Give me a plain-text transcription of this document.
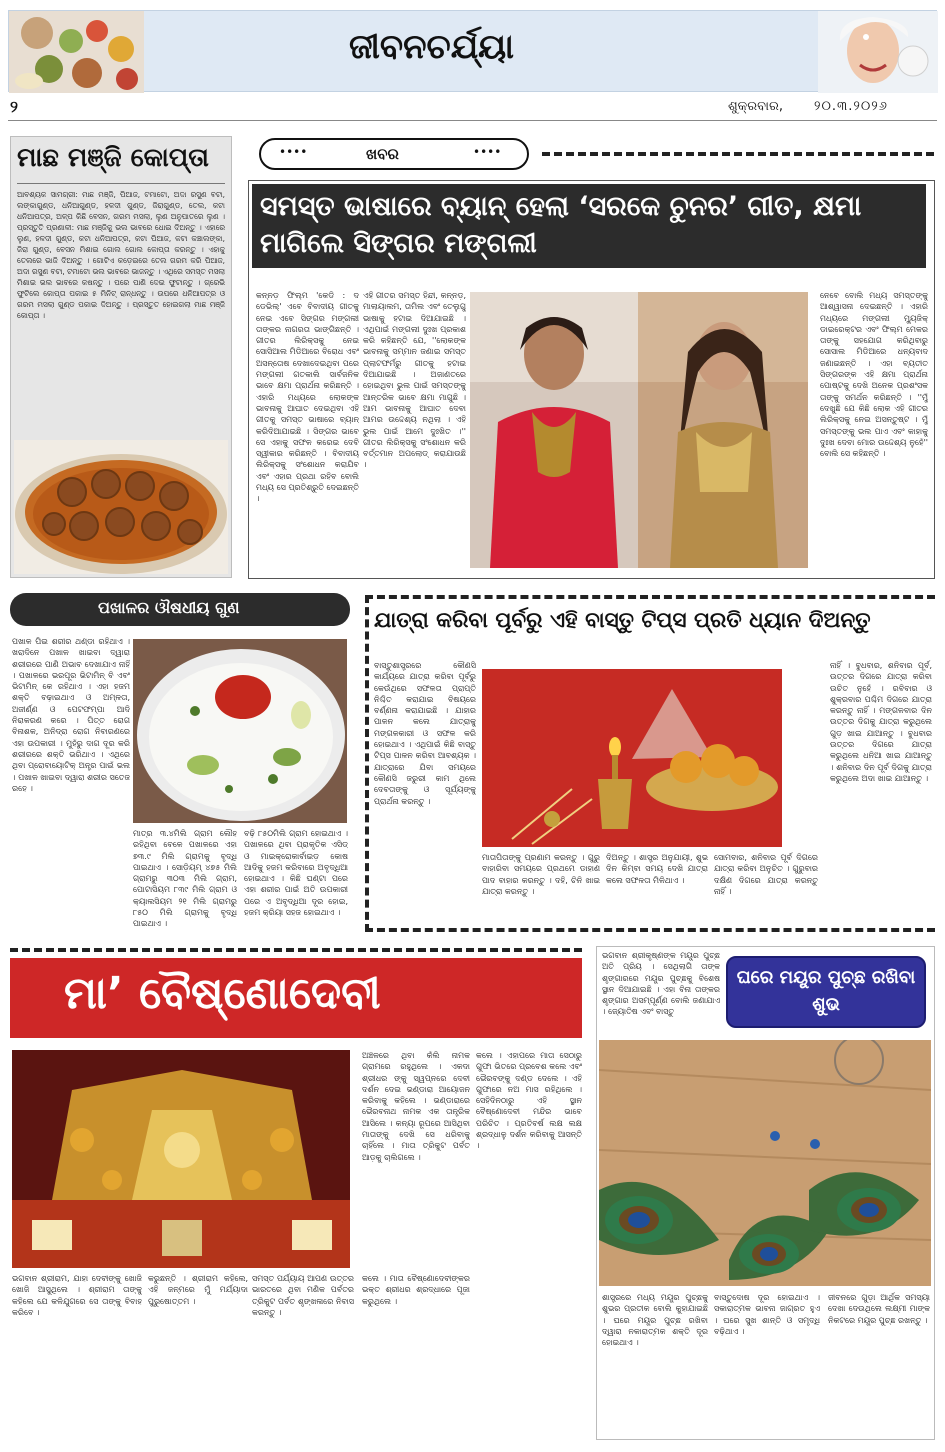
ଜୀବନଚର୍ଯ୍ୟା
୨	ଶୁକ୍ରବାର, ୨୦.୩.୨୦୨୬
ମାଛ ମଞ୍ଜି କୋପ୍ତା
ଆବଶ୍ୟକ ସାମଗ୍ରୀ: ମାଛ ମଞ୍ଜି, ପିଆଜ, ଟମାଟୋ, ଅଦା ରସୁଣ ବଟା, ଲଙ୍କାଗୁଣ୍ଡ, ଧନିଆଗୁଣ୍ଡ, ହଳଦୀ ଗୁଣ୍ଡ, ଜିରାଗୁଣ୍ଡ, ତେଲ, କଟା ଧନିଆପତ୍ର, ଅଳ୍ପ କିଛି ବେସନ, ଗରମ ମସଲା, ଲୁଣ ଅନୁପାତରେ ଲୁଣ । ପ୍ରସ୍ତୁତି ପ୍ରଣାଳୀ: ମାଛ ମଞ୍ଜିକୁ ଭଲ ଭାବରେ ଧୋଇ ଦିଅନ୍ତୁ । ଏହାରେ ଲୁଣ, ହଳଦୀ ଗୁଣ୍ଡ, କଟା ଧନିଆପତ୍ର, କଟା ପିଆଜ, କଟା କଞ୍ଚାଲଙ୍କା, ଜିରା ଗୁଣ୍ଡ, ବେସନ ମିଶାଇ ଗୋଲ ଗୋଲ କୋପ୍ତା କରନ୍ତୁ । ଏହାକୁ ତେଲରେ ଭାଜି ଦିଅନ୍ତୁ । ଗୋଟିଏ କଡ଼େଇରେ ତେଲ ଗରମ କରି ପିଆଜ, ଅଦା ରସୁଣ ବଟା, ଟମାଟୋ ଭଲ ଭାବରେ ଭାଜନ୍ତୁ । ଏଥିରେ ସମସ୍ତ ମସଲା ମିଶାଇ ଭଲ ଭାବରେ କଷନ୍ତୁ । ପରେ ପାଣି ଦେଇ ଫୁଟାନ୍ତୁ । ଗ୍ରେଭି ଫୁଟିଲେ କୋପ୍ତା ପକାଇ ୫ ମିନିଟ୍ ରାନ୍ଧନ୍ତୁ । ଉପରେ ଧନିଆପତ୍ର ଓ ଗରମ ମସଲା ଗୁଣ୍ଡ ପକାଇ ଦିଅନ୍ତୁ । ପ୍ରସ୍ତୁତ ହୋଇଗଲା ମାଛ ମଞ୍ଜି କୋପ୍ତା ।
••••	ଖବର	••••
ସମସ୍ତ ଭାଷାରେ ବ୍ୟାନ୍ ହେଲା ‘ସରକେ ଚୁନର’ ଗୀତ, କ୍ଷମା ମାଗିଲେ ସିଙ୍ଗର ମଙ୍ଗଲୀ
କନ୍ନଡ଼ ଫିଲ୍ମ 'କେଡି : ଦ ଡେଭିଲ୍' ଏବେ ବିବାଦୀୟ ଗୀତକୁ ନେଇ ଏବେ ସିଙ୍ଗର ମଙ୍ଗଲୀ ତାଙ୍କର ନାଗରତା ଭାଙ୍ଗିଛନ୍ତି । ଗୀତର ଲିରିକ୍ସକୁ ନେଇ ସୋସିଆଲ ମିଡିଆରେ ବିରୋଧ ଏବଂ ଅସନ୍ତୋଷ ଦେଖାଦେଇଥିବା ପରେ ମଙ୍ଗଲୀ ଗତକାଲି ସାର୍ବଜନିକ ଭାବେ କ୍ଷମା ପ୍ରାର୍ଥନା କରିଛନ୍ତି । ଏହାରି ମଧ୍ୟରେ ଲୋକଙ୍କ ଭାବନାକୁ ଆଘାତ ଦେଇଥିବା ଏହି ଗୀତକୁ ସମସ୍ତ ଭାଷାରେ ବ୍ୟାନ୍ କରିଦିଆଯାଇଛି । ସିଙ୍ଗର ଭାବେ ସେ ଏହାକୁ ସଫଳ କରେଇ ଦେବି ସ୍ୱୀକାର କରିଛନ୍ତି । ବିବାଦୀୟ ଲିରିକ୍ସକୁ ସଂଶୋଧନ କରାଯିବ ଏବଂ ଏହାର ପ୍ରଥା ରହିବ ବୋଲି ମଧ୍ୟ ସେ ପ୍ରତିଶ୍ରୁତି ଦେଇଛନ୍ତି ।
ଏହି ଗୀତର ସମସ୍ତ ହିନ୍ଦୀ, କନ୍ନଡ଼, ମାଲାୟାଲମ, ତାମିଲ ଏବଂ ତେଲୁଗୁ ଭାଷାକୁ ହଟାଇ ଦିଆଯାଇଛି । ଏଥିପାଇଁ ମଙ୍ଗଲୀ ଦୁଃଖ ପ୍ରକାଶ କରି କହିଛନ୍ତି ଯେ, ''ଲୋକଙ୍କ ଭାବନାକୁ ସମ୍ମାନ ଜଣାଇ ସମସ୍ତ ପ୍ଲାଟଫର୍ମରୁ ଗୀତକୁ ହଟାଇ ଦିଆଯାଇଛି । ଅଜାଣତରେ ହୋଇଥିବା ଭୁଲ ପାଇଁ ସମସ୍ତଙ୍କୁ ଆନ୍ତରିକ ଭାବେ କ୍ଷମା ମାଗୁଛି । ଆମ ଭାବନାକୁ ଆଘାତ ଦେବା ଆମର ଉଦ୍ଦେଶ୍ୟ ନଥିଲା । ଏହି ଭୁଲ ପାଇଁ ଆମେ ଦୁଃଖିତ ।'' ଗୀତର ଲିରିକ୍ସକୁ ସଂଶୋଧନ କରି ବର୍ତ୍ତମାନ ଅପଲୋଡ୍ କରାଯାଉଛି ।
ନେବେ ବୋଲି ମଧ୍ୟ ସମସ୍ତଙ୍କୁ ଆଶ୍ୱାସନା ଦେଇଛନ୍ତି । ଏହାରି ମଧ୍ୟରେ ମଙ୍ଗଲୀ ମ୍ୟୁଜିକ୍ ଡାଇରେକ୍ଟର ଏବଂ ଫିଲ୍ମ ମେକର ତାଙ୍କୁ ସହଯୋଗ କରିଥିବାରୁ ସୋସାଲ ମିଡିଆରେ ଧନ୍ୟବାଦ ଜଣାଇଛନ୍ତି । ଏହା ବ୍ୟତୀତ ସିଙ୍ଗରଙ୍କ ଏହି କ୍ଷମା ପ୍ରାର୍ଥନା ପୋଷ୍ଟକୁ ଦେଖି ଅନେକ ପ୍ରଶଂସକ ତାଙ୍କୁ ସମର୍ଥନ କରିଛନ୍ତି । ''ମୁଁ ଦେଖୁଛି ଯେ କିଛି ଲୋକ ଏହି ଗୀତର ଲିରିକ୍ସକୁ ନେଇ ଅସନ୍ତୁଷ୍ଟ । ମୁଁ ସମସ୍ତଙ୍କୁ ଭଲ ପାଏ ଏବଂ କାହାକୁ ଦୁଃଖ ଦେବା ମୋର ଉଦ୍ଦେଶ୍ୟ ନୁହେଁ'' ବୋଲି ସେ କହିଛନ୍ତି ।
ପଖାଳର ଔଷଧୀୟ ଗୁଣ
ପଖାଳ ପିଇ ଶରୀର ଥଣ୍ଡା ରହିଥାଏ । ଖରାଦିନେ ପଖାଳ ଖାଇବା ଦ୍ୱାରା ଶରୀରରେ ପାଣି ଅଭାବ ଦେଖାଯାଏ ନାହିଁ । ପଖାଳରେ ଭରପୂର ଭିଟାମିନ୍ ବି ଏବଂ ଭିଟାମିନ୍ କେ ରହିଥାଏ । ଏହା ହଜମ ଶକ୍ତି ବଢ଼ାଇଥାଏ ଓ ଅମ୍ଳତା, ଅଜୀର୍ଣ୍ଣ ଓ ପେଟଫମ୍ପା ଆଦି ନିରାକରଣ କରେ । ପିତ୍ତ ରୋଗ ବିନାଶକ, ଅନିଦ୍ରା ରୋଗ ନିବାରଣରେ ଏହା ଉପକାରୀ । ମୁହଁରୁ ଦାଗ ଦୂର କରି ଶରୀରରେ ଶକ୍ତି ଭରିଥାଏ । ଏଥିରେ ଥିବା ପ୍ରୋବାୟୋଟିକ୍ ଅନ୍ତ୍ର ପାଇଁ ଭଲ । ପଖାଳ ଖାଇବା ଦ୍ୱାରା ଶରୀର ସତେଜ ରହେ ।
ମାତ୍ର ୩.୪ମିଲି ଗ୍ରାମ ଲୌହ ରହିଥିବା ବେଳେ ପଖାଳରେ ଏହା ୭୩.୯ ମିଲି ଗ୍ରାମକୁ ବୃଦ୍ଧି ପାଇଥାଏ । ସୋଡ଼ିୟମ୍ ୪୭୫ ମିଲି ଗ୍ରାମରୁ ୩୦୩ ମିଲି ଗ୍ରାମ, ପୋଟାସିୟମ ୮୩୯ ମିଲି ଗ୍ରାମ ଓ କ୍ୟାଲସିୟମ ୨୧ ମିଲି ଗ୍ରାମରୁ ୮୫୦ ମିଲି ଗ୍ରାମକୁ ବୃଦ୍ଧି ପାଇଥାଏ ।
ବଢ଼ି ୮୫୦ମିଲି ଗ୍ରାମ ହୋଇଥାଏ । ପଖାଳରେ ଥିବା ପ୍ରାକୃତିକ ଏସିଡ୍ ଓ ମାଇକ୍ରୋକାର୍ବାଇଡ଼ କୋଷ ଆଦିକୁ ହଜମ କରିବାରେ ଅବୃଦ୍ଧିଆ ହୋଇଥାଏ । କିଛି ଘଣ୍ଟା ପରେ ଏହା ଶରୀର ପାଇଁ ଅତି ଉପକାରୀ ପରେ ଏ ଅବୃଦ୍ଧିଆ ଦୂର ହୋଇ, ହଜମ କ୍ରିୟା ସହଜ ହୋଇଥାଏ ।
ଯାତ୍ରା କରିବା ପୂର୍ବରୁ ଏହି ବାସ୍ତୁ ଟିପ୍ସ ପ୍ରତି ଧ୍ୟାନ ଦିଅନ୍ତୁ
ବାସ୍ତୁଶାସ୍ତ୍ରରେ କୌଣସି କାର୍ଯ୍ୟରେ ଯାତ୍ରା କରିବା ପୂର୍ବରୁ କେଉଁଥିରେ ସଫଳତା ପ୍ରାପ୍ତି ନିଶ୍ଚିତ କରାଯାଇ ବିଷୟରେ ବର୍ଣ୍ଣନା କରାଯାଇଛି । ଯାହାର ପାଳନ କଲେ ଯାତ୍ରାକୁ ମଙ୍ଗଳକାରୀ ଓ ସଫଳ କରି ହୋଇଥାଏ । ଏଥିପାଇଁ କିଛି ବାସ୍ତୁ ଟିପ୍ସ ପାଳନ କରିବା ଆବଶ୍ୟକ । ଯାତ୍ରାରେ ଯିବା ସମୟରେ କୌଣସି ଜରୁରୀ କାମ ଥିଲେ ଦେବତାଙ୍କୁ ଓ ସୂର୍ଯ୍ୟଙ୍କୁ ପ୍ରାର୍ଥନା କରନ୍ତୁ ।
ମାତାପିତାଙ୍କୁ ପ୍ରଣାମ କରନ୍ତୁ । ଗୁରୁ ବାହାରିବା ସମୟରେ ପ୍ରଥମେ ଡାହାଣ ପାଦ ବାହାର କରନ୍ତୁ । ଦହି, ଚିନି ଖାଇ ଯାତ୍ରା କରନ୍ତୁ ।
ଦିଅନ୍ତୁ । ଶାସ୍ତ୍ର ଅନୁଯାୟୀ, ଶୁଭ ଦିନ କିମ୍ବା ସମୟ ଦେଖି ଯାତ୍ରା କଲେ ସଫଳତା ମିଳିଥାଏ ।
ସୋମବାର, ଶନିବାର ପୂର୍ବ ଦିଗରେ ଯାତ୍ରା କରିବା ଅନୁଚିତ । ଗୁରୁବାର ଦକ୍ଷିଣ ଦିଗରେ ଯାତ୍ରା କରନ୍ତୁ ନାହିଁ ।
ନାହିଁ । ବୁଧବାର, ଶନିବାର ପୂର୍ବ, ଉତ୍ତର ଦିଗରେ ଯାତ୍ରା କରିବା ଉଚିତ ନୁହେଁ । ରବିବାର ଓ ଶୁକ୍ରବାର ପଶ୍ଚିମ ଦିଗରେ ଯାତ୍ରା କରନ୍ତୁ ନାହିଁ । ମଙ୍ଗଳବାର ଦିନ ଉତ୍ତର ଦିଗକୁ ଯାତ୍ରା କରୁଥିଲେ ଗୁଡ଼ ଖାଇ ଯାଆନ୍ତୁ । ବୁଧବାର ଉତ୍ତର ଦିଗରେ ଯାତ୍ରା କରୁଥିଲେ ଧନିଆ ଖାଇ ଯାଆନ୍ତୁ । ଶନିବାର ଦିନ ପୂର୍ବ ଦିଗକୁ ଯାତ୍ରା କରୁଥିଲେ ଅଦା ଖାଇ ଯାଆନ୍ତୁ ।
ମା’ ବୈଷ୍ଣୋଦେବୀ
ଅଞ୍ଚଳରେ ଥିବା କଁଲି ନାମକ ଗ୍ରାମରେ ରହୁଥିଲେ । ଏକଦା ଶ୍ରୀଧର ଙ୍କୁ ସ୍ୱପ୍ନରେ ଦେବୀ ଦର୍ଶନ ଦେଇ ଭଣ୍ଡାରା ଆୟୋଜନ କରିବାକୁ କହିଲେ । ଭଣ୍ଡାରାରେ ଭୈରବନାଥ ନାମକ ଏକ ତାନ୍ତ୍ରିକ ଆସିଲେ । କନ୍ୟା ରୂପରେ ଆସିଥିବା ମାତାଙ୍କୁ ଦେଖି ସେ ଧରିବାକୁ ଚାହିଁଲେ । ମାତା ତ୍ରିକୁଟ ପର୍ବତ ଆଡ଼କୁ ଚାଲିଗଲେ ।
କଲେ । ଏହାପରେ ମାତା ସେଠାରୁ ଗୁଫା ଭିତରେ ପ୍ରବେଶ କଲେ ଏବଂ ଭୈରବଙ୍କୁ ଦଣ୍ଡ ଦେଲେ । ଏହି ଗୁଫାରେ ନଅ ମାସ ରହିଥିଲେ । ସେହିଦିନଠାରୁ ଏହି ସ୍ଥାନ ବୈଷ୍ଣୋଦେବୀ ମନ୍ଦିର ଭାବେ ପରିଚିତ । ପ୍ରତିବର୍ଷ ଲକ୍ଷ ଲକ୍ଷ ଶ୍ରଦ୍ଧାଳୁ ଦର୍ଶନ କରିବାକୁ ଆସନ୍ତି ।
ଭଗବାନ ଶ୍ରୀରାମ, ଯାହା ଦେବୀଙ୍କୁ ଖୋଜି ଖୋଜି ଆସୁଥିଲେ । ଶ୍ରୀରାମ ତାଙ୍କୁ କହିଲେ ଯେ କଳିଯୁଗରେ ସେ ତାଙ୍କୁ ବିବାହ କରିବେ ।
କରୁଛନ୍ତି । ଶ୍ରୀରାମ କହିଲେ, ଏହି ଜନ୍ମରେ ମୁଁ ମର୍ଯ୍ୟାଦା ପୁରୁଷୋତ୍ତମ ।
ସମସ୍ତ ପର୍ଯ୍ୟାୟ ଆପଣ ଉତ୍ତର ଭାରତରେ ଥିବା ମଣିକ ପର୍ବତର ତ୍ରିକୁଟ ପର୍ବତ ଶୃଙ୍ଖଳାରେ ନିବାସ କରନ୍ତୁ ।
କଲେ । ମାତା ବୈଷ୍ଣୋଦେବୀଙ୍କର ଭକ୍ତ ଶ୍ରୀଧର ଶ୍ରଦ୍ଧାରେ ପୂଜା କରୁଥିଲେ ।
ଭଗବାନ ଶ୍ରୀକୃଷ୍ଣଙ୍କ ମୟୂର ପୁଚ୍ଛ ଅତି ପ୍ରିୟ । ସେଥିଲାଗି ତାଙ୍କ ଶୃଙ୍ଗାରରେ ମୟୂର ପୁଚ୍ଛକୁ ବିଶେଷ ସ୍ଥାନ ଦିଆଯାଇଛି । ଏହା ବିନା ତାଙ୍କର ଶୃଙ୍ଗାର ଅସମ୍ପୂର୍ଣ୍ଣ ବୋଲି ଜଣାଯାଏ । ଜ୍ୟୋତିଷ ଏବଂ ବାସ୍ତୁ
ଘରେ ମୟୂର ପୁଚ୍ଛ ରଖିବା ଶୁଭ
ଶାସ୍ତ୍ରରେ ମଧ୍ୟ ମୟୂର ପୁଚ୍ଛକୁ ଶୁଭର ପ୍ରତୀକ ବୋଲି କୁହାଯାଇଛି । ଘରେ ମୟୂର ପୁଚ୍ଛ ରଖିବା ଦ୍ୱାରା ନକାରାତ୍ମକ ଶକ୍ତି ଦୂର ହୋଇଥାଏ ।
ବାସ୍ତୁଦୋଷ ଦୂର ହୋଇଥାଏ । ସକାରାତ୍ମକ ଭାବନା ଜାଗ୍ରତ ହୁଏ । ଘରେ ସୁଖ ଶାନ୍ତି ଓ ସମୃଦ୍ଧି ବଢ଼ିଥାଏ ।
ଜୀବନରେ ଗୁଡ଼ା ଆର୍ଥିକ ସମସ୍ୟା ଦେଖା ଦେଉଥିଲେ ଲକ୍ଷ୍ମୀ ମାଙ୍କ ନିକଟରେ ମୟୂର ପୁଚ୍ଛ ରଖନ୍ତୁ ।
